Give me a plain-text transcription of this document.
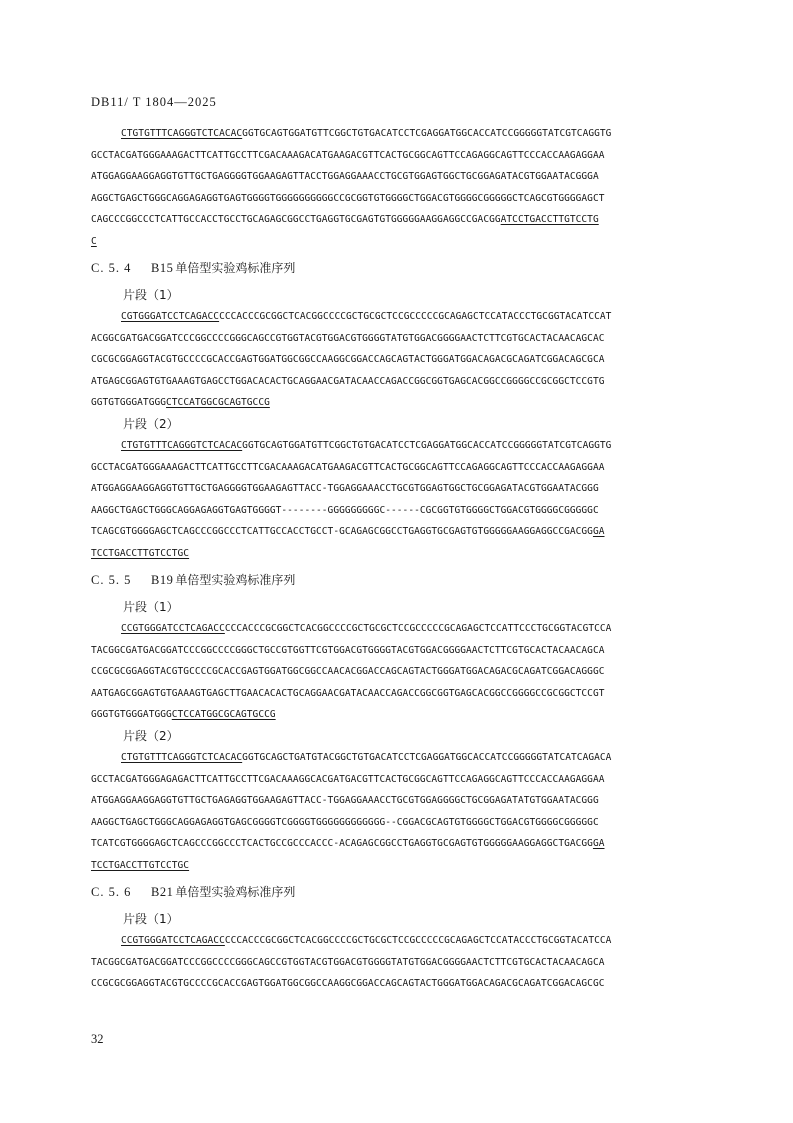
DB11/ T 1804—2025
CTGTGTTTCAGGGTCTCACACGGTGCAGTGGATGTTCGGCTGTGACATCCTCGAGGATGGCACCATCCGGGGGTATCGTCAGGTG
GCCTACGATGGGAAAGACTTCATTGCCTTCGACAAAGACATGAAGACGTTCACTGCGGCAGTTCCAGAGGCAGTTCCCACCAAGAGGAA
ATGGAGGAAGGAGGTGTTGCTGAGGGGTGGAAGAGTTACCTGGAGGAAACCTGCGTGGAGTGGCTGCGGAGATACGTGGAATACGGGA
AGGCTGAGCTGGGCAGGAGAGGTGAGTGGGGTGGGGGGGGGGCCGCGGTGTGGGGCTGGACGTGGGGCGGGGGCTCAGCGTGGGGAGCT
CAGCCCGGCCCTCATTGCCACCTGCCTGCAGAGCGGCCTGAGGTGCGAGTGTGGGGGAAGGAGGCCGACGGATCCTGACCTTGTCCTG
C
C. 5. 4 B15 单倍型实验鸡标准序列
片段（1）
CGTGGGATCCTCAGACCCCCACCCGCGGCTCACGGCCCCGCTGCGCTCCGCCCCCGCAGAGCTCCATACCCTGCGGTACATCCAT
ACGGCGATGACGGATCCCGGCCCCGGGCAGCCGTGGTACGTGGACGTGGGGTATGTGGACGGGGAACTCTTCGTGCACTACAACAGCAC
CGCGCGGAGGTACGTGCCCCGCACCGAGTGGATGGCGGCCAAGGCGGACCAGCAGTACTGGGATGGACAGACGCAGATCGGACAGCGCA
ATGAGCGGAGTGTGAAAGTGAGCCTGGACACACTGCAGGAACGATACAACCAGACCGGCGGTGAGCACGGCCGGGGCCGCGGCTCCGTG
GGTGTGGGATGGGCTCCATGGCGCAGTGCCG
片段（2）
CTGTGTTTCAGGGTCTCACACGGTGCAGTGGATGTTCGGCTGTGACATCCTCGAGGATGGCACCATCCGGGGGTATCGTCAGGTG
GCCTACGATGGGAAAGACTTCATTGCCTTCGACAAAGACATGAAGACGTTCACTGCGGCAGTTCCAGAGGCAGTTCCCACCAAGAGGAA
ATGGAGGAAGGAGGTGTTGCTGAGGGGTGGAAGAGTTACC-TGGAGGAAACCTGCGTGGAGTGGCTGCGGAGATACGTGGAATACGGG
AAGGCTGAGCTGGGCAGGAGAGGTGAGTGGGGT--------GGGGGGGGGC------CGCGGTGTGGGGCTGGACGTGGGGCGGGGGC
TCAGCGTGGGGAGCTCAGCCCGGCCCTCATTGCCACCTGCCT-GCAGAGCGGCCTGAGGTGCGAGTGTGGGGGAAGGAGGCCGACGGGA
TCCTGACCTTGTCCTGC
C. 5. 5 B19 单倍型实验鸡标准序列
片段（1）
CCGTGGGATCCTCAGACCCCCACCCGCGGCTCACGGCCCCGCTGCGCTCCGCCCCCGCAGAGCTCCATTCCCTGCGGTACGTCCA
TACGGCGATGACGGATCCCGGCCCCGGGCTGCCGTGGTTCGTGGACGTGGGGTACGTGGACGGGGAACTCTTCGTGCACTACAACAGCA
CCGCGCGGAGGTACGTGCCCCGCACCGAGTGGATGGCGGCCAACACGGACCAGCAGTACTGGGATGGACAGACGCAGATCGGACAGGGC
AATGAGCGGAGTGTGAAAGTGAGCTTGAACACACTGCAGGAACGATACAACCAGACCGGCGGTGAGCACGGCCGGGGCCGCGGCTCCGT
GGGTGTGGGATGGGCTCCATGGCGCAGTGCCG
片段（2）
CTGTGTTTCAGGGTCTCACACGGTGCAGCTGATGTACGGCTGTGACATCCTCGAGGATGGCACCATCCGGGGGTATCATCAGACA
GCCTACGATGGGAGAGACTTCATTGCCTTCGACAAAGGCACGATGACGTTCACTGCGGCAGTTCCAGAGGCAGTTCCCACCAAGAGGAA
ATGGAGGAAGGAGGTGTTGCTGAGAGGTGGAAGAGTTACC-TGGAGGAAACCTGCGTGGAGGGGCTGCGGAGATATGTGGAATACGGG
AAGGCTGAGCTGGGCAGGAGAGGTGAGCGGGGTCGGGGTGGGGGGGGGGGG--CGGACGCAGTGTGGGGCTGGACGTGGGGCGGGGGC
TCATCGTGGGGAGCTCAGCCCGGCCCTCACTGCCGCCCACCC-ACAGAGCGGCCTGAGGTGCGAGTGTGGGGGAAGGAGGCTGACGGGA
TCCTGACCTTGTCCTGC
C. 5. 6 B21 单倍型实验鸡标准序列
片段（1）
CCGTGGGATCCTCAGACCCCCACCCGCGGCTCACGGCCCCGCTGCGCTCCGCCCCCGCAGAGCTCCATACCCTGCGGTACATCCA
TACGGCGATGACGGATCCCGGCCCCGGGCAGCCGTGGTACGTGGACGTGGGGTATGTGGACGGGGAACTCTTCGTGCACTACAACAGCA
CCGCGCGGAGGTACGTGCCCCGCACCGAGTGGATGGCGGCCAAGGCGGACCAGCAGTACTGGGATGGACAGACGCAGATCGGACAGCGC
32
